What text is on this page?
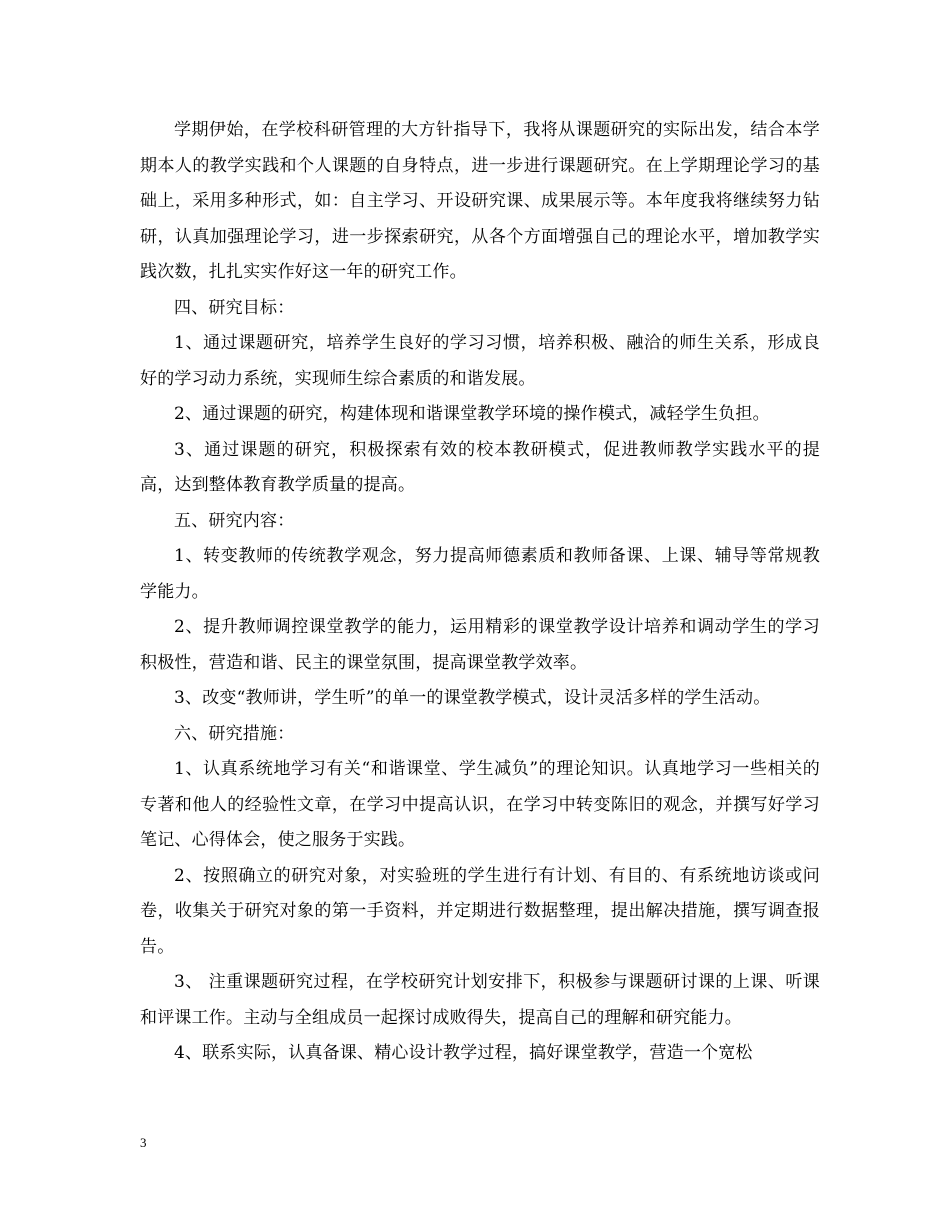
学期伊始，在学校科研管理的大方针指导下，我将从课题研究的实际出发，结合本学期本人的教学实践和个人课题的自身特点，进一步进行课题研究。在上学期理论学习的基础上，采用多种形式，如：自主学习、开设研究课、成果展示等。本年度我将继续努力钻研，认真加强理论学习，进一步探索研究，从各个方面增强自己的理论水平，增加教学实践次数，扎扎实实作好这一年的研究工作。

四、研究目标：

1、通过课题研究，培养学生良好的学习习惯，培养积极、融洽的师生关系，形成良好的学习动力系统，实现师生综合素质的和谐发展。

2、通过课题的研究，构建体现和谐课堂教学环境的操作模式，减轻学生负担。

3、通过课题的研究，积极探索有效的校本教研模式，促进教师教学实践水平的提高，达到整体教育教学质量的提高。

五、研究内容：

1、转变教师的传统教学观念，努力提高师德素质和教师备课、上课、辅导等常规教学能力。

2、提升教师调控课堂教学的能力，运用精彩的课堂教学设计培养和调动学生的学习积极性，营造和谐、民主的课堂氛围，提高课堂教学效率。

3、改变“教师讲，学生听”的单一的课堂教学模式，设计灵活多样的学生活动。

六、研究措施：

1、认真系统地学习有关“和谐课堂、学生减负”的理论知识。认真地学习一些相关的专著和他人的经验性文章，在学习中提高认识，在学习中转变陈旧的观念，并撰写好学习笔记、心得体会，使之服务于实践。

2、按照确立的研究对象，对实验班的学生进行有计划、有目的、有系统地访谈或问卷，收集关于研究对象的第一手资料，并定期进行数据整理，提出解决措施，撰写调查报告。

3、 注重课题研究过程，在学校研究计划安排下，积极参与课题研讨课的上课、听课和评课工作。主动与全组成员一起探讨成败得失，提高自己的理解和研究能力。

4、联系实际，认真备课、精心设计教学过程，搞好课堂教学，营造一个宽松

3
